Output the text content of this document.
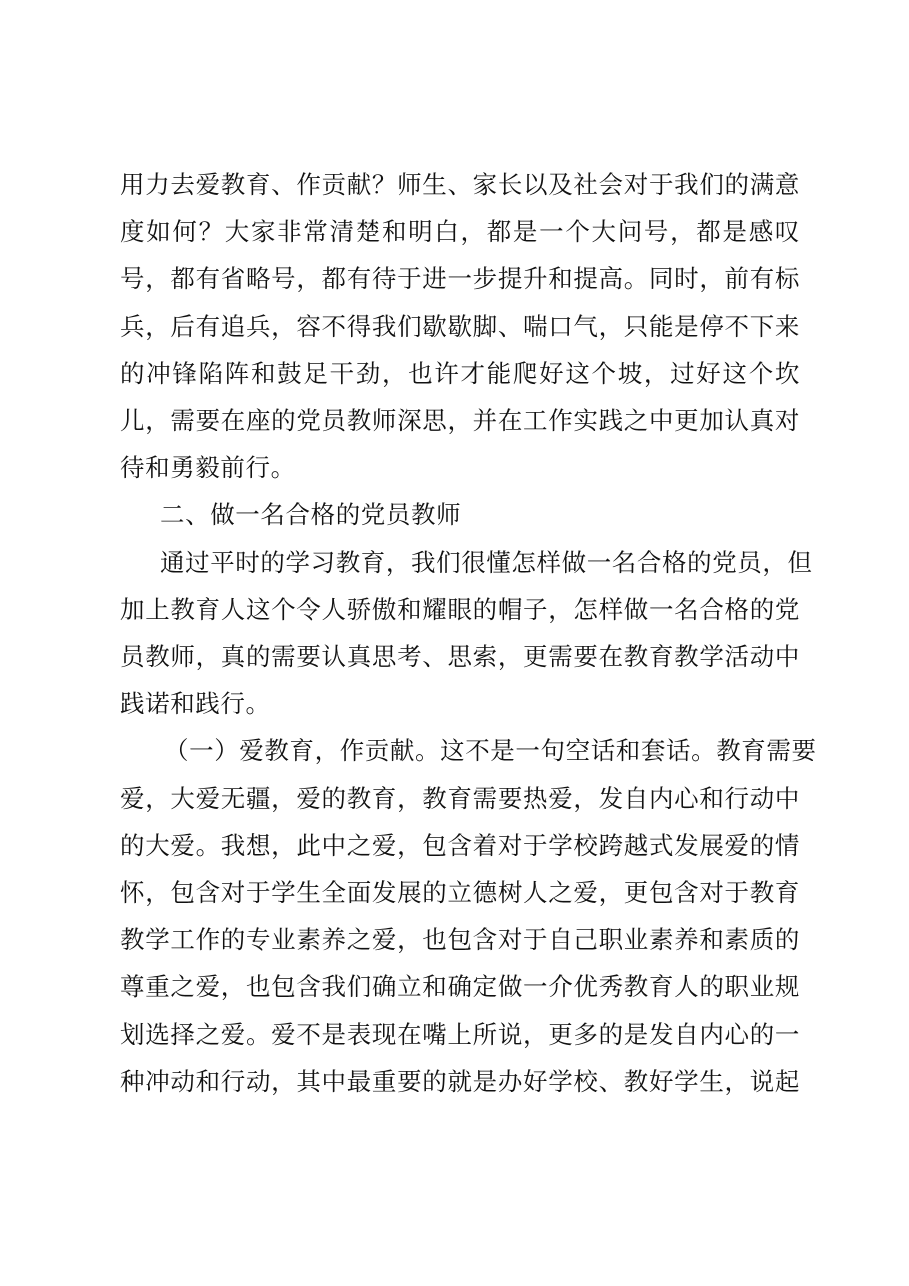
用力去爱教育、作贡献？师生、家长以及社会对于我们的满意
度如何？大家非常清楚和明白，都是一个大问号，都是感叹
号，都有省略号，都有待于进一步提升和提高。同时，前有标
兵，后有追兵，容不得我们歇歇脚、喘口气，只能是停不下来
的冲锋陷阵和鼓足干劲，也许才能爬好这个坡，过好这个坎
儿，需要在座的党员教师深思，并在工作实践之中更加认真对
待和勇毅前行。
二、做一名合格的党员教师
通过平时的学习教育，我们很懂怎样做一名合格的党员，但
加上教育人这个令人骄傲和耀眼的帽子，怎样做一名合格的党
员教师，真的需要认真思考、思索，更需要在教育教学活动中
践诺和践行。
（一）爱教育，作贡献。这不是一句空话和套话。教育需要
爱，大爱无疆，爱的教育，教育需要热爱，发自内心和行动中
的大爱。我想，此中之爱，包含着对于学校跨越式发展爱的情
怀，包含对于学生全面发展的立德树人之爱，更包含对于教育
教学工作的专业素养之爱，也包含对于自己职业素养和素质的
尊重之爱，也包含我们确立和确定做一介优秀教育人的职业规
划选择之爱。爱不是表现在嘴上所说，更多的是发自内心的一
种冲动和行动，其中最重要的就是办好学校、教好学生，说起
